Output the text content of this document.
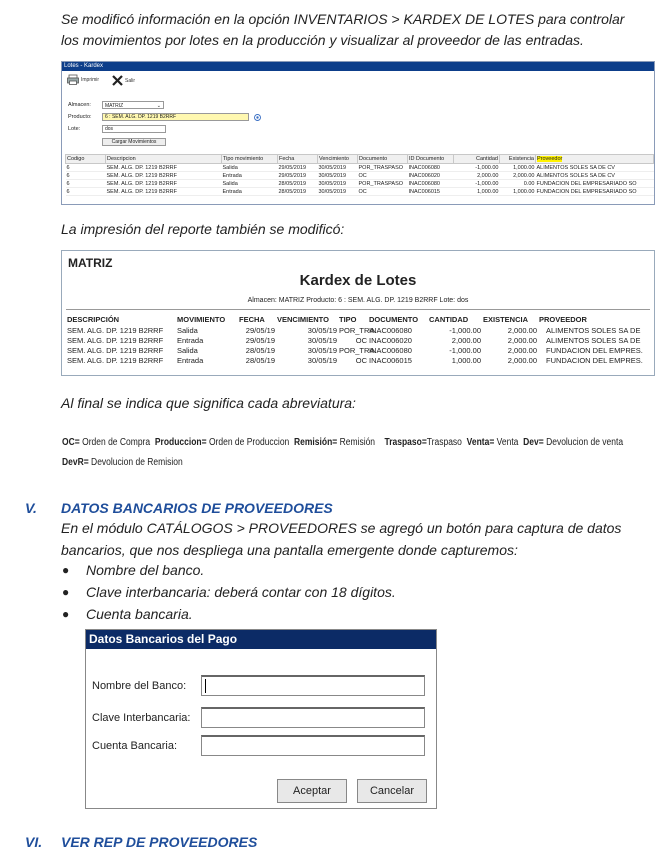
Se modificó información en la opción INVENTARIOS > KARDEX DE LOTES para controlar
los movimientos por lotes en la producción y visualizar al proveedor de las entradas.
Lotes - Kardex
Imprimir	Salir
Almacen:	MATRIZ	⌄
Producto:	6 : SEM. ALG. DP. 1219 B2RRF
Lote:	dos
Cargar Movimientos
Codigo	Descripcion	Tipo movimiento	Fecha	Vencimiento	Documento	ID Documento	Cantidad	Existencia	Proveedor
6	SEM. ALG. DP. 1219 B2RRF	Salida	29/05/2019	30/05/2019	POR_TRASPASO	INAC006080	-1,000.00	1,000.00	ALIMENTOS SOLES SA DE CV
6	SEM. ALG. DP. 1219 B2RRF	Entrada	29/05/2019	30/05/2019	OC	INAC006020	2,000.00	2,000.00	ALIMENTOS SOLES SA DE CV
6	SEM. ALG. DP. 1219 B2RRF	Salida	28/05/2019	30/05/2019	POR_TRASPASO	INAC006080	-1,000.00	0.00	FUNDACION DEL EMPRESARIADO SO
6	SEM. ALG. DP. 1219 B2RRF	Entrada	28/05/2019	30/05/2019	OC	INAC006015	1,000.00	1,000.00	FUNDACION DEL EMPRESARIADO SO
La impresión del reporte también se modificó:
MATRIZ
Kardex de Lotes
Almacen: MATRIZ Producto: 6 : SEM. ALG. DP. 1219 B2RRF Lote: dos
DESCRIPCIÓN	MOVIMIENTO	FECHA	VENCIMIENTO	TIPO	DOCUMENTO	CANTIDAD	EXISTENCIA	PROVEEDOR
SEM. ALG. DP. 1219 B2RRF	Salida	29/05/19	30/05/19	POR_TRA	INAC006080	-1,000.00	2,000.00	ALIMENTOS SOLES SA DE
SEM. ALG. DP. 1219 B2RRF	Entrada	29/05/19	30/05/19	OC	INAC006020	2,000.00	2,000.00	ALIMENTOS SOLES SA DE
SEM. ALG. DP. 1219 B2RRF	Salida	28/05/19	30/05/19	POR_TRA	INAC006080	-1,000.00	2,000.00	FUNDACION DEL EMPRES.
SEM. ALG. DP. 1219 B2RRF	Entrada	28/05/19	30/05/19	OC	INAC006015	1,000.00	2,000.00	FUNDACION DEL EMPRES.
Al final se indica que significa cada abreviatura:
OC= Orden de Compra Produccion= Orden de Produccion Remisión= Remisión Traspaso=Traspaso Venta= Venta Dev= Devolucion de venta
DevR= Devolucion de Remision
V. DATOS BANCARIOS DE PROVEEDORES
En el módulo CATÁLOGOS > PROVEEDORES se agregó un botón para captura de datos
bancarios, que nos despliega una pantalla emergente donde capturemos:
● Nombre del banco.
● Clave interbancaria: deberá contar con 18 dígitos.
● Cuenta bancaria.
Datos Bancarios del Pago
Nombre del Banco:
Clave Interbancaria:
Cuenta Bancaria:
Aceptar	Cancelar
VI. VER REP DE PROVEEDORES
